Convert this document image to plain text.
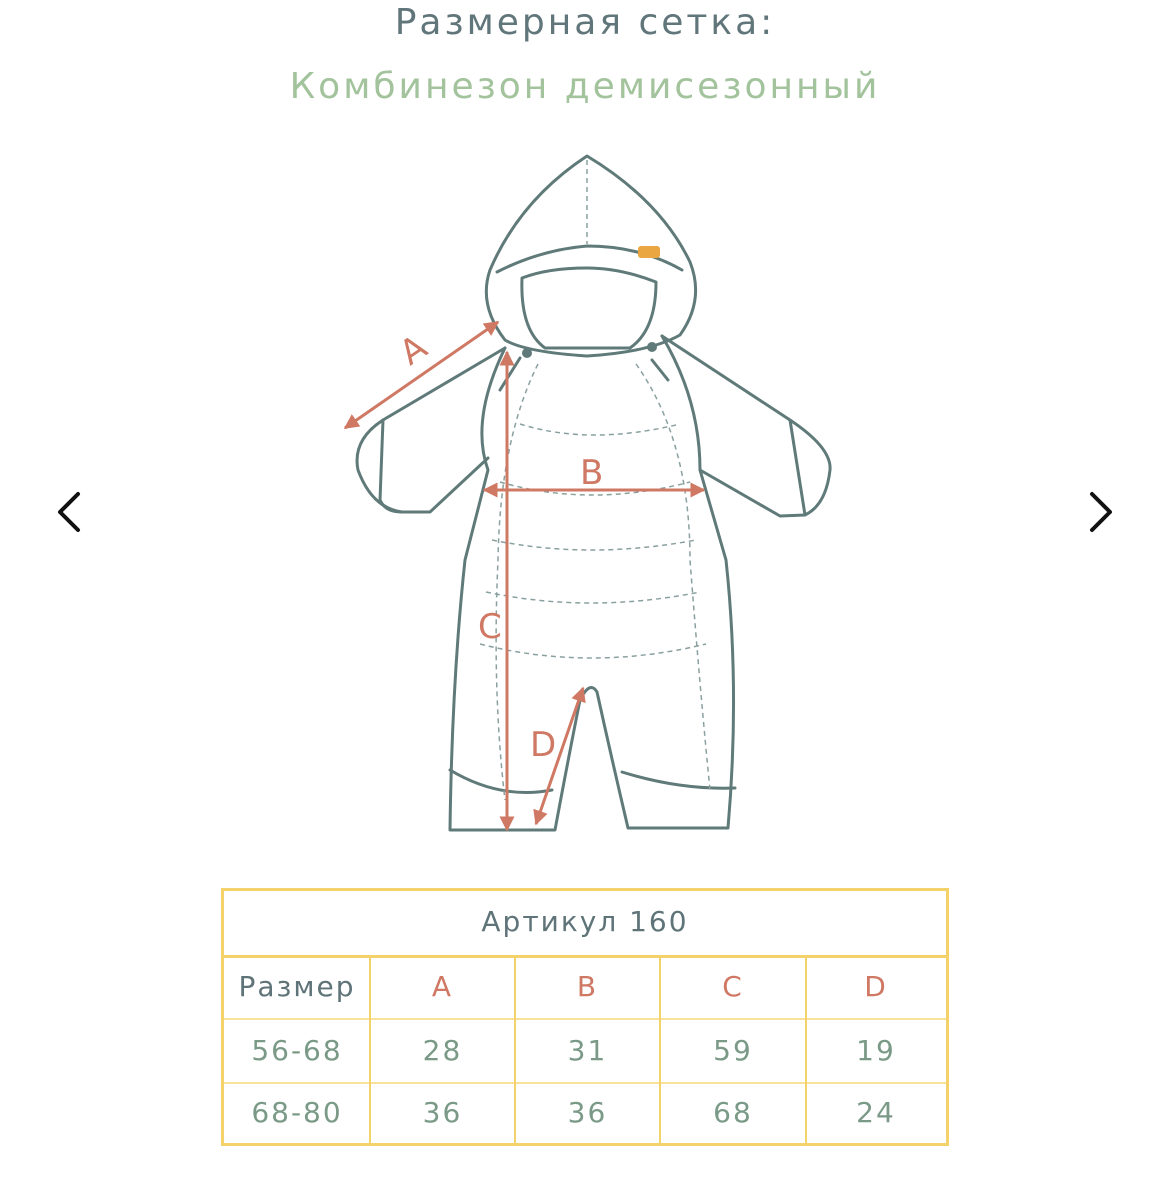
Размерная сетка:
Комбинезон демисезонный
A
B
C
D
Артикул 160
Размер	A	B	C	D
56-68	28	31	59	19
68-80	36	36	68	24
